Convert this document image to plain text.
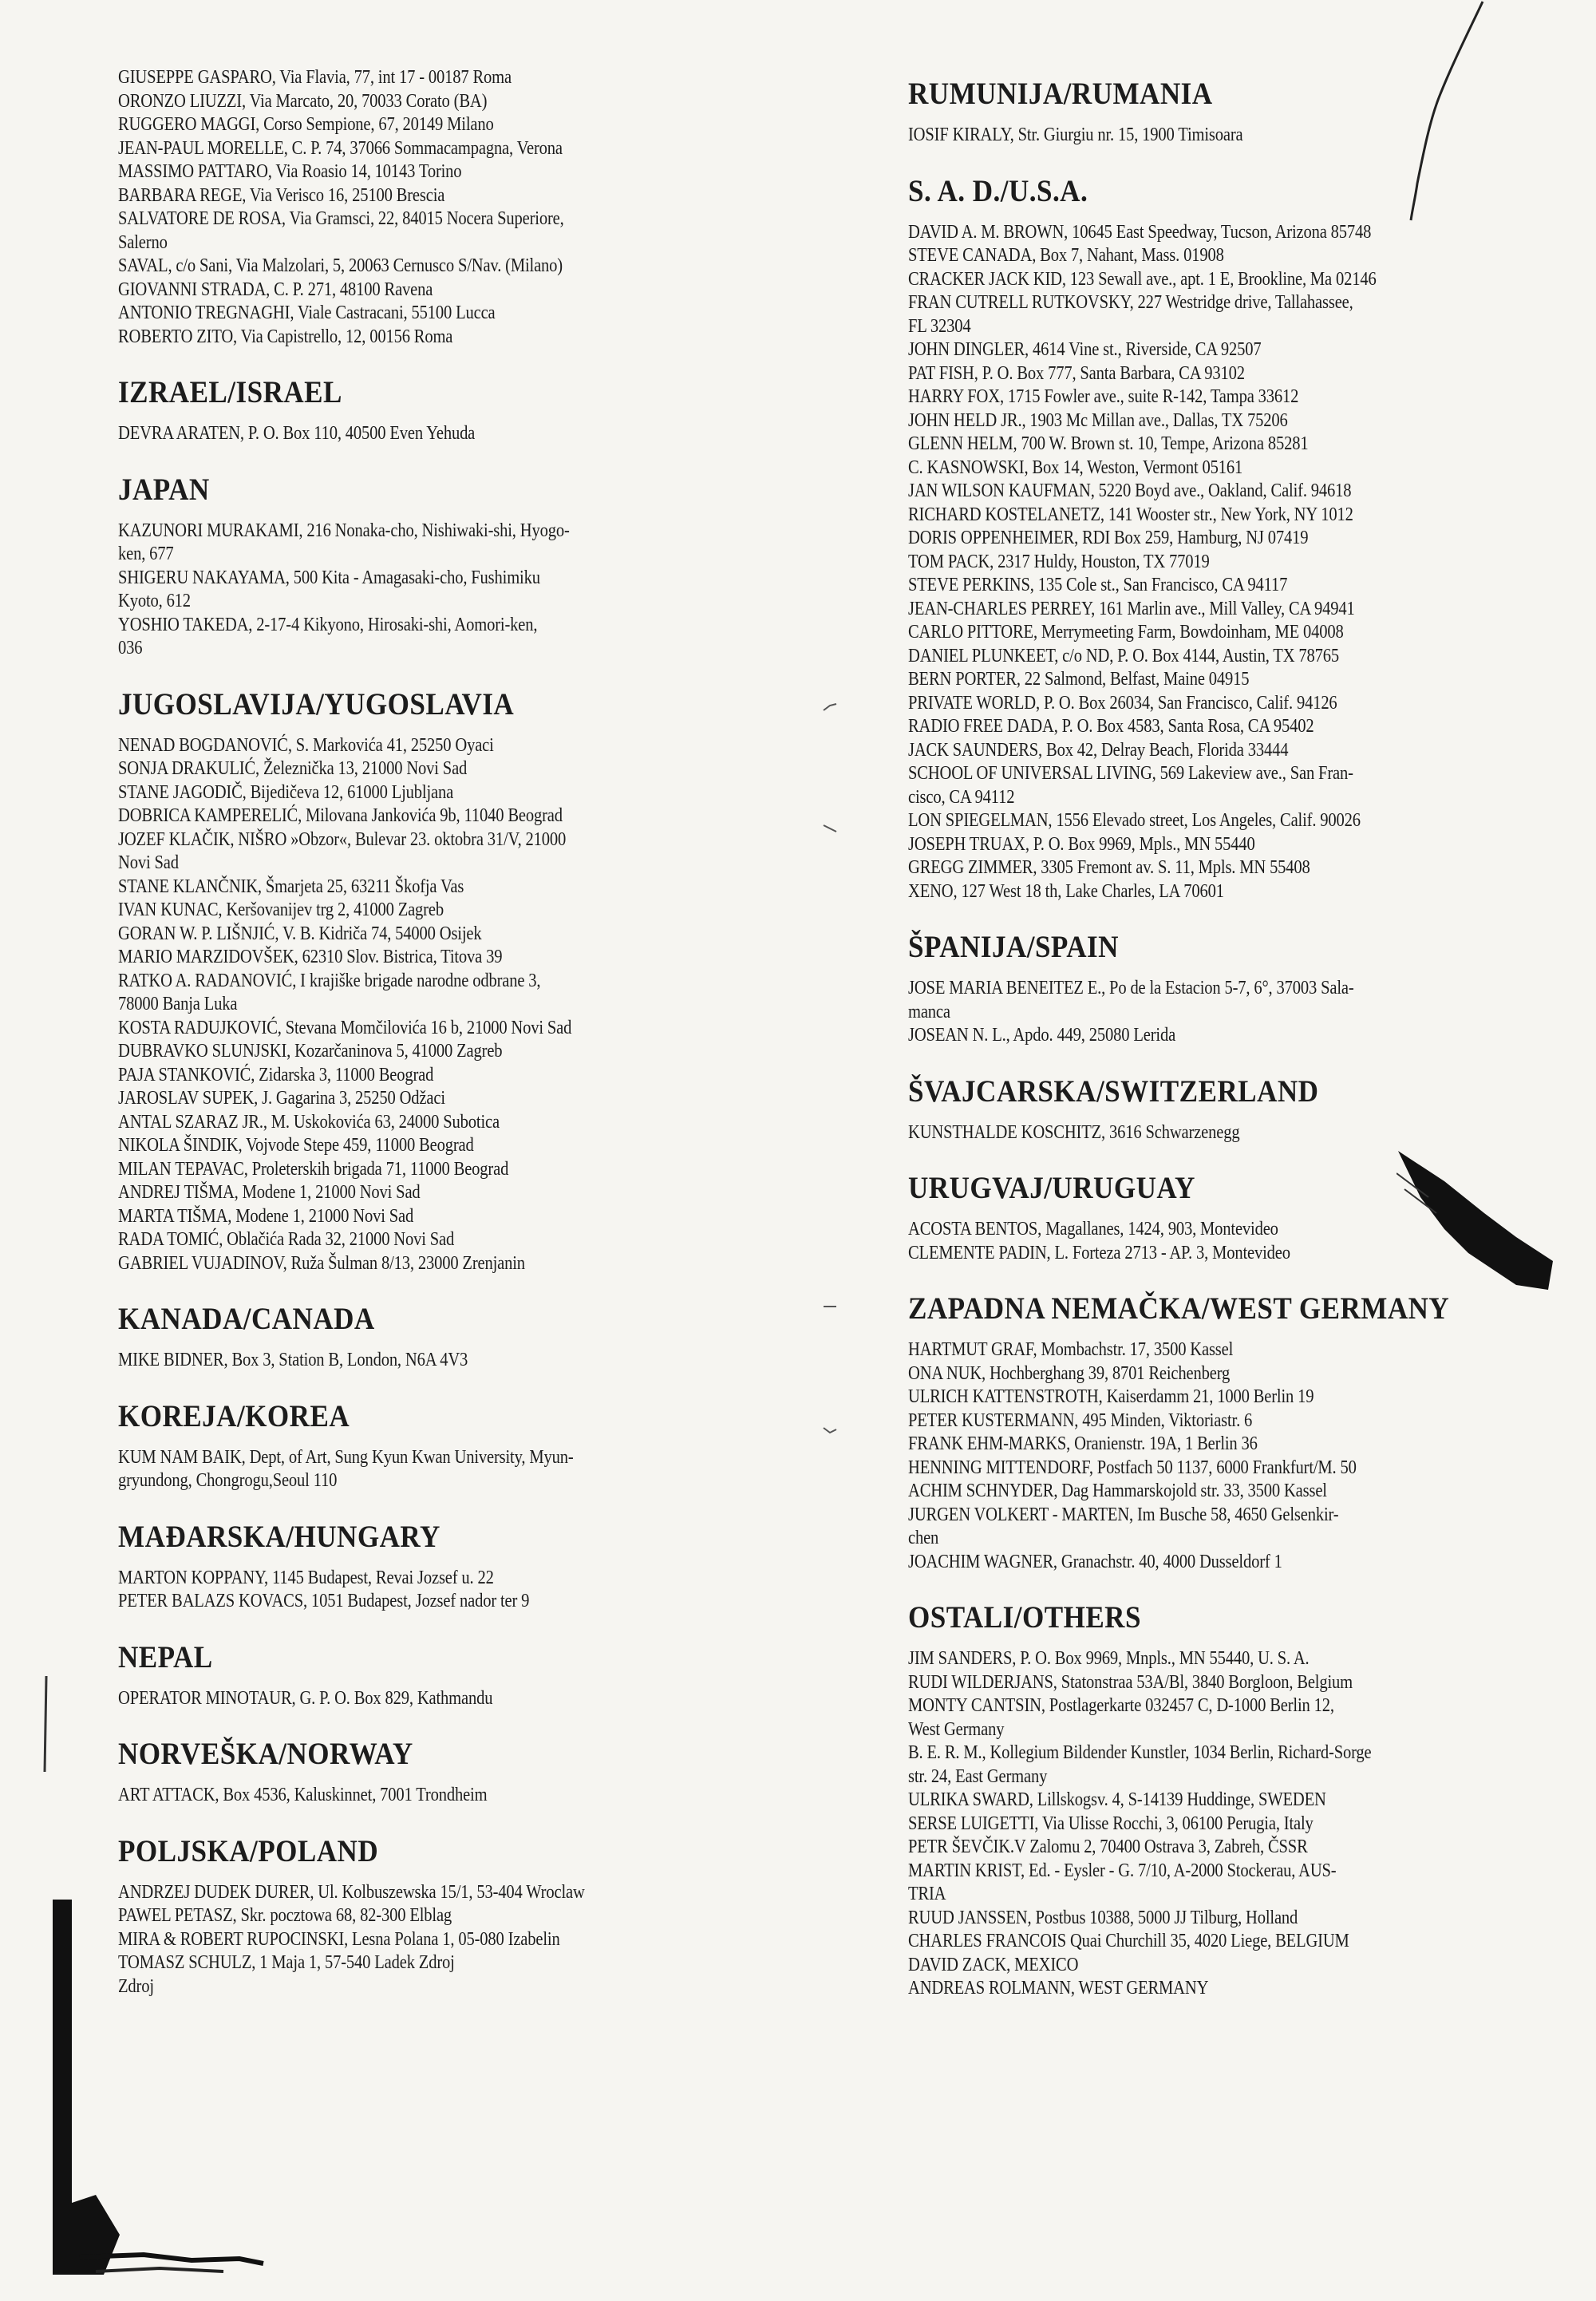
GIUSEPPE GASPARO, Via Flavia, 77, int 17 - 00187 Roma

ORONZO LIUZZI, Via Marcato, 20, 70033 Corato (BA)

RUGGERO MAGGI, Corso Sempione, 67, 20149 Milano

JEAN-PAUL MORELLE, C. P. 74, 37066 Sommacampagna, Verona

MASSIMO PATTARO, Via Roasio 14, 10143 Torino

BARBARA REGE, Via Verisco 16, 25100 Brescia

SALVATORE DE ROSA, Via Gramsci, 22, 84015 Nocera Superiore,

Salerno

SAVAL, c/o Sani, Via Malzolari, 5, 20063 Cernusco S/Nav. (Milano)

GIOVANNI STRADA, C. P. 271, 48100 Ravena

ANTONIO TREGNAGHI, Viale Castracani, 55100 Lucca

ROBERTO ZITO, Via Capistrello, 12, 00156 Roma

IZRAEL/ISRAEL

DEVRA ARATEN, P. O. Box 110, 40500 Even Yehuda

JAPAN

KAZUNORI MURAKAMI, 216 Nonaka-cho, Nishiwaki-shi, Hyogo-

ken, 677

SHIGERU NAKAYAMA, 500 Kita - Amagasaki-cho, Fushimiku

Kyoto, 612

YOSHIO TAKEDA, 2-17-4 Kikyono, Hirosaki-shi, Aomori-ken,

036

JUGOSLAVIJA/YUGOSLAVIA

NENAD BOGDANOVIĆ, S. Markovića 41, 25250 Oyaci

SONJA DRAKULIĆ, Železnička 13, 21000 Novi Sad

STANE JAGODIČ, Bijedičeva 12, 61000 Ljubljana

DOBRICA KAMPERELIĆ, Milovana Jankovića 9b, 11040 Beograd

JOZEF KLAČIK, NIŠRO »Obzor«, Bulevar 23. oktobra 31/V, 21000

Novi Sad

STANE KLANČNIK, Šmarjeta 25, 63211 Škofja Vas

IVAN KUNAC, Keršovanijev trg 2, 41000 Zagreb

GORAN W. P. LIŠNJIĆ, V. B. Kidriča 74, 54000 Osijek

MARIO MARZIDOVŠEK, 62310 Slov. Bistrica, Titova 39

RATKO A. RADANOVIĆ, I krajiške brigade narodne odbrane 3,

78000 Banja Luka

KOSTA RADUJKOVIĆ, Stevana Momčilovića 16 b, 21000 Novi Sad

DUBRAVKO SLUNJSKI, Kozarčaninova 5, 41000 Zagreb

PAJA STANKOVIĆ, Zidarska 3, 11000 Beograd

JAROSLAV SUPEK, J. Gagarina 3, 25250 Odžaci

ANTAL SZARAZ JR., M. Uskokovića 63, 24000 Subotica

NIKOLA ŠINDIK, Vojvode Stepe 459, 11000 Beograd

MILAN TEPAVAC, Proleterskih brigada 71, 11000 Beograd

ANDREJ TIŠMA, Modene 1, 21000 Novi Sad

MARTA TIŠMA, Modene 1, 21000 Novi Sad

RADA TOMIĆ, Oblačića Rada 32, 21000 Novi Sad

GABRIEL VUJADINOV, Ruža Šulman 8/13, 23000 Zrenjanin

KANADA/CANADA

MIKE BIDNER, Box 3, Station B, London, N6A 4V3

KOREJA/KOREA

KUM NAM BAIK, Dept, of Art, Sung Kyun Kwan University, Myun-

gryundong, Chongrogu,Seoul 110

MAĐARSKA/HUNGARY

MARTON KOPPANY, 1145 Budapest, Revai Jozsef u. 22

PETER BALAZS KOVACS, 1051 Budapest, Jozsef nador ter 9

NEPAL

OPERATOR MINOTAUR, G. P. O. Box 829, Kathmandu

NORVEŠKA/NORWAY

ART ATTACK, Box 4536, Kaluskinnet, 7001 Trondheim

POLJSKA/POLAND

ANDRZEJ DUDEK DURER, Ul. Kolbuszewska 15/1, 53-404 Wroclaw

PAWEL PETASZ, Skr. pocztowa 68, 82-300 Elblag

MIRA & ROBERT RUPOCINSKI, Lesna Polana 1, 05-080 Izabelin

TOMASZ SCHULZ, 1 Maja 1, 57-540 Ladek Zdroj

Zdroj

RUMUNIJA/RUMANIA

IOSIF KIRALY, Str. Giurgiu nr. 15, 1900 Timisoara

S. A. D./U.S.A.

DAVID A. M. BROWN, 10645 East Speedway, Tucson, Arizona 85748

STEVE CANADA, Box 7, Nahant, Mass. 01908

CRACKER JACK KID, 123 Sewall ave., apt. 1 E, Brookline, Ma 02146

FRAN CUTRELL RUTKOVSKY, 227 Westridge drive, Tallahassee,

FL 32304

JOHN DINGLER, 4614 Vine st., Riverside, CA 92507

PAT FISH, P. O. Box 777, Santa Barbara, CA 93102

HARRY FOX, 1715 Fowler ave., suite R-142, Tampa 33612

JOHN HELD JR., 1903 Mc Millan ave., Dallas, TX 75206

GLENN HELM, 700 W. Brown st. 10, Tempe, Arizona 85281

C. KASNOWSKI, Box 14, Weston, Vermont 05161

JAN WILSON KAUFMAN, 5220 Boyd ave., Oakland, Calif. 94618

RICHARD KOSTELANETZ, 141 Wooster str., New York, NY 1012

DORIS OPPENHEIMER, RDI Box 259, Hamburg, NJ 07419

TOM PACK, 2317 Huldy, Houston, TX 77019

STEVE PERKINS, 135 Cole st., San Francisco, CA 94117

JEAN-CHARLES PERREY, 161 Marlin ave., Mill Valley, CA 94941

CARLO PITTORE, Merrymeeting Farm, Bowdoinham, ME 04008

DANIEL PLUNKEET, c/o ND, P. O. Box 4144, Austin, TX 78765

BERN PORTER, 22 Salmond, Belfast, Maine 04915

PRIVATE WORLD, P. O. Box 26034, San Francisco, Calif. 94126

RADIO FREE DADA, P. O. Box 4583, Santa Rosa, CA 95402

JACK SAUNDERS, Box 42, Delray Beach, Florida 33444

SCHOOL OF UNIVERSAL LIVING, 569 Lakeview ave., San Fran-

cisco, CA 94112

LON SPIEGELMAN, 1556 Elevado street, Los Angeles, Calif. 90026

JOSEPH TRUAX, P. O. Box 9969, Mpls., MN 55440

GREGG ZIMMER, 3305 Fremont av. S. 11, Mpls. MN 55408

XENO, 127 West 18 th, Lake Charles, LA 70601

ŠPANIJA/SPAIN

JOSE MARIA BENEITEZ E., Po de la Estacion 5-7, 6°, 37003 Sala-

manca

JOSEAN N. L., Apdo. 449, 25080 Lerida

ŠVAJCARSKA/SWITZERLAND

KUNSTHALDE KOSCHITZ, 3616 Schwarzenegg

URUGVAJ/URUGUAY

ACOSTA BENTOS, Magallanes, 1424, 903, Montevideo

CLEMENTE PADIN, L. Forteza 2713 - AP. 3, Montevideo

ZAPADNA NEMAČKA/WEST GERMANY

HARTMUT GRAF, Mombachstr. 17, 3500 Kassel

ONA NUK, Hochberghang 39, 8701 Reichenberg

ULRICH KATTENSTROTH, Kaiserdamm 21, 1000 Berlin 19

PETER KUSTERMANN, 495 Minden, Viktoriastr. 6

FRANK EHM-MARKS, Oranienstr. 19A, 1 Berlin 36

HENNING MITTENDORF, Postfach 50 1137, 6000 Frankfurt/M. 50

ACHIM SCHNYDER, Dag Hammarskojold str. 33, 3500 Kassel

JURGEN VOLKERT - MARTEN, Im Busche 58, 4650 Gelsenkir-

chen

JOACHIM WAGNER, Granachstr. 40, 4000 Dusseldorf 1

OSTALI/OTHERS

JIM SANDERS, P. O. Box 9969, Mnpls., MN 55440, U. S. A.

RUDI WILDERJANS, Statonstraa 53A/Bl, 3840 Borgloon, Belgium

MONTY CANTSIN, Postlagerkarte 032457 C, D-1000 Berlin 12,

West Germany

B. E. R. M., Kollegium Bildender Kunstler, 1034 Berlin, Richard-Sorge

str. 24, East Germany

ULRIKA SWARD, Lillskogsv. 4, S-14139 Huddinge, SWEDEN

SERSE LUIGETTI, Via Ulisse Rocchi, 3, 06100 Perugia, Italy

PETR ŠEVČIK.V Zalomu 2, 70400 Ostrava 3, Zabreh, ČSSR

MARTIN KRIST, Ed. - Eysler - G. 7/10, A-2000 Stockerau, AUS-

TRIA

RUUD JANSSEN, Postbus 10388, 5000 JJ Tilburg, Holland

CHARLES FRANCOIS Quai Churchill 35, 4020 Liege, BELGIUM

DAVID ZACK, MEXICO

ANDREAS ROLMANN, WEST GERMANY
